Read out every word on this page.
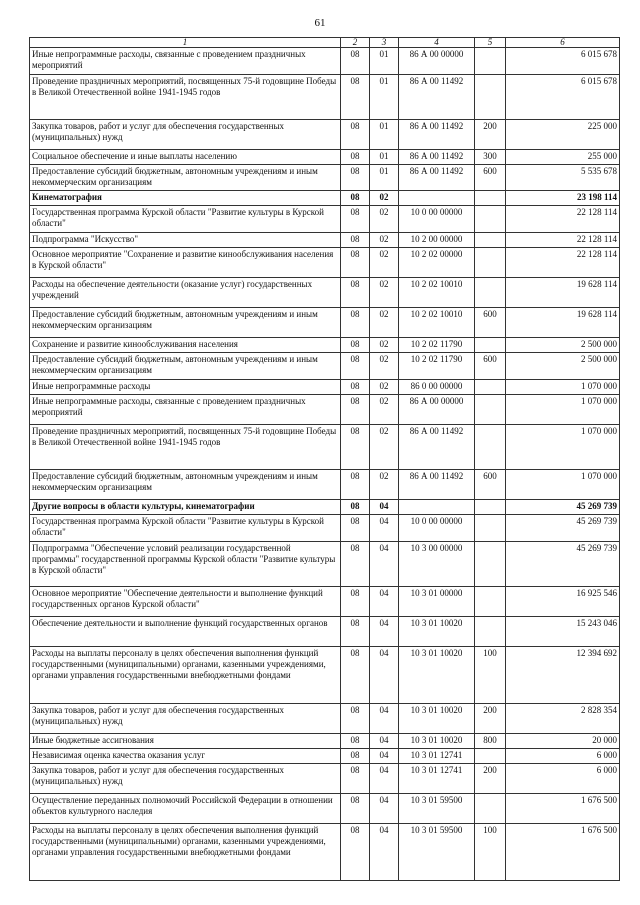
61
1	2	3	4	5	6
Иные непрограммные расходы, связанные с проведением праздничных мероприятий	08	01	86 А 00 00000		6 015 678
Проведение праздничных мероприятий, посвященных 75-й годовщине Победы в Великой Отечественной войне 1941-1945 годов	08	01	86 А 00 11492		6 015 678
Закупка товаров, работ и услуг для обеспечения государственных (муниципальных) нужд	08	01	86 А 00 11492	200	225 000
Социальное обеспечение и иные выплаты населению	08	01	86 А 00 11492	300	255 000
Предоставление субсидий бюджетным, автономным учреждениям и иным некоммерческим организациям	08	01	86 А 00 11492	600	5 535 678
Кинематография	08	02			23 198 114
Государственная программа Курской области "Развитие культуры в Курской области"	08	02	10 0 00 00000		22 128 114
Подпрограмма "Искусство"	08	02	10 2 00 00000		22 128 114
Основное мероприятие "Сохранение и развитие кинообслуживания населения в Курской области"	08	02	10 2 02 00000		22 128 114
Расходы на обеспечение деятельности (оказание услуг) государственных учреждений	08	02	10 2 02 10010		19 628 114
Предоставление субсидий бюджетным, автономным учреждениям и иным некоммерческим организациям	08	02	10 2 02 10010	600	19 628 114
Сохранение и развитие кинообслуживания населения	08	02	10 2 02 11790		2 500 000
Предоставление субсидий бюджетным, автономным учреждениям и иным некоммерческим организациям	08	02	10 2 02 11790	600	2 500 000
Иные непрограммные расходы	08	02	86 0 00 00000		1 070 000
Иные непрограммные расходы, связанные с проведением праздничных мероприятий	08	02	86 А 00 00000		1 070 000
Проведение праздничных мероприятий, посвященных 75-й годовщине Победы в Великой Отечественной войне 1941-1945 годов	08	02	86 А 00 11492		1 070 000
Предоставление субсидий бюджетным, автономным учреждениям и иным некоммерческим организациям	08	02	86 А 00 11492	600	1 070 000
Другие вопросы в области культуры, кинематографии	08	04			45 269 739
Государственная программа Курской области "Развитие культуры в Курской области"	08	04	10 0 00 00000		45 269 739
Подпрограмма "Обеспечение условий реализации государственной программы" государственной программы Курской области "Развитие культуры в Курской области"	08	04	10 3 00 00000		45 269 739
Основное мероприятие "Обеспечение деятельности и выполнение функций государственных органов Курской области"	08	04	10 3 01 00000		16 925 546
Обеспечение деятельности и выполнение функций государственных органов	08	04	10 3 01 10020		15 243 046
Расходы на выплаты персоналу в целях обеспечения выполнения функций государственными (муниципальными) органами, казенными учреждениями, органами управления государственными внебюджетными фондами	08	04	10 3 01 10020	100	12 394 692
Закупка товаров, работ и услуг для обеспечения государственных (муниципальных) нужд	08	04	10 3 01 10020	200	2 828 354
Иные бюджетные ассигнования	08	04	10 3 01 10020	800	20 000
Независимая оценка качества оказания услуг	08	04	10 3 01 12741		6 000
Закупка товаров, работ и услуг для обеспечения государственных (муниципальных) нужд	08	04	10 3 01 12741	200	6 000
Осуществление переданных полномочий Российской Федерации в отношении объектов культурного наследия	08	04	10 3 01 59500		1 676 500
Расходы на выплаты персоналу в целях обеспечения выполнения функций государственными (муниципальными) органами, казенными учреждениями, органами управления государственными внебюджетными фондами	08	04	10 3 01 59500	100	1 676 500
